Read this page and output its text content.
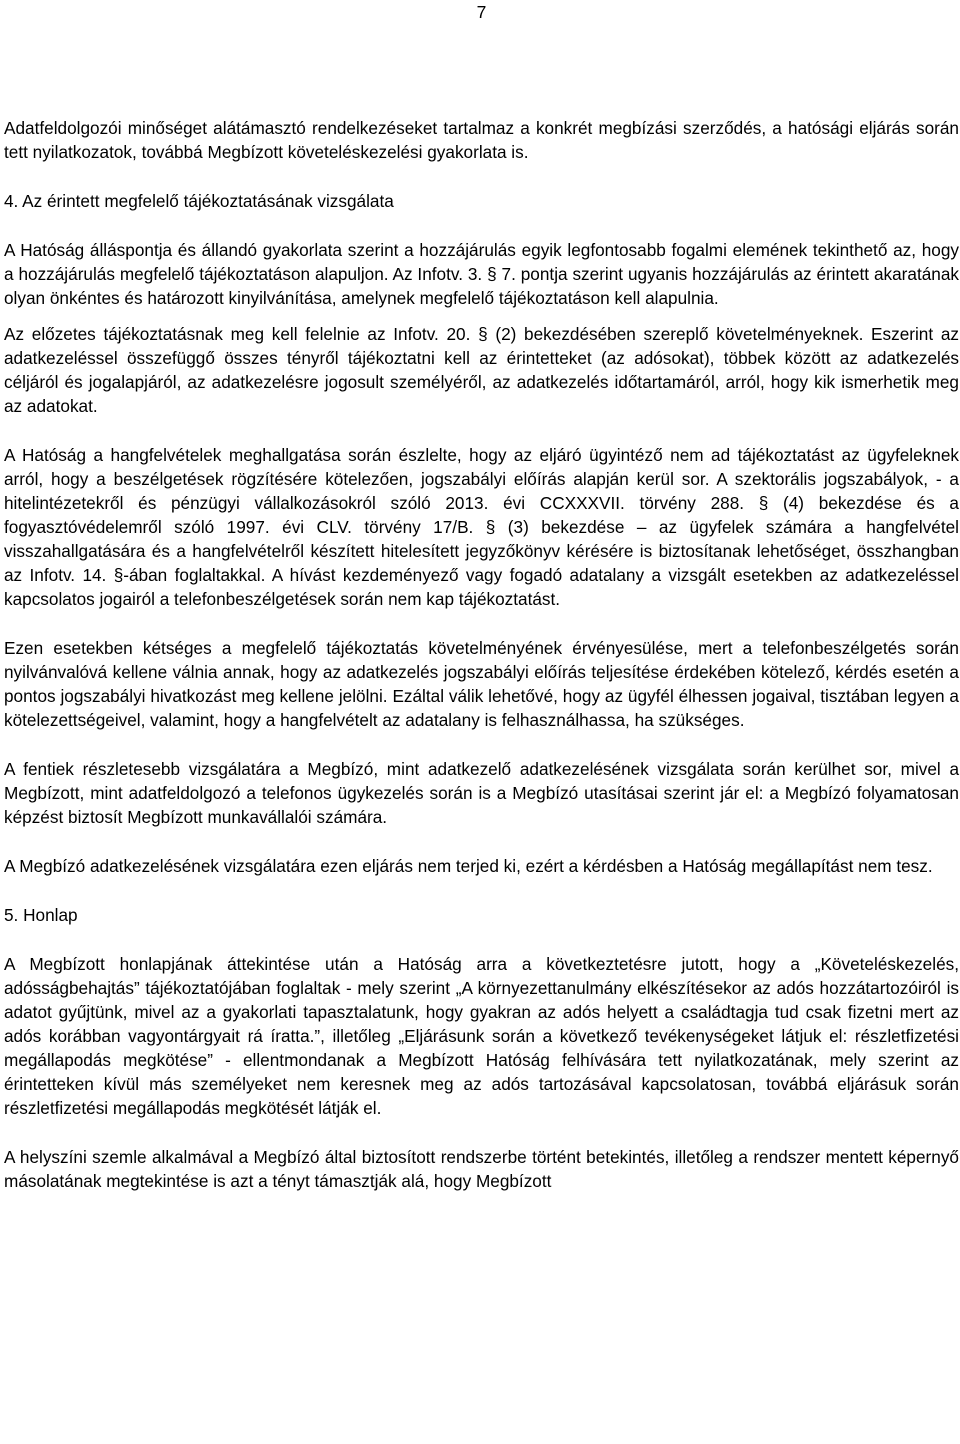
7

Adatfeldolgozói minőséget alátámasztó rendelkezéseket tartalmaz a konkrét megbízási szerződés, a hatósági eljárás során tett nyilatkozatok, továbbá Megbízott követeléskezelési gyakorlata is.

4. Az érintett megfelelő tájékoztatásának vizsgálata

A Hatóság álláspontja és állandó gyakorlata szerint a hozzájárulás egyik legfontosabb fogalmi elemének tekinthető az, hogy a hozzájárulás megfelelő tájékoztatáson alapuljon. Az Infotv. 3. § 7. pontja szerint ugyanis hozzájárulás az érintett akaratának olyan önkéntes és határozott kinyilvánítása, amelynek megfelelő tájékoztatáson kell alapulnia.

Az előzetes tájékoztatásnak meg kell felelnie az Infotv. 20. § (2) bekezdésében szereplő követelményeknek. Eszerint az adatkezeléssel összefüggő összes tényről tájékoztatni kell az érintetteket (az adósokat), többek között az adatkezelés céljáról és jogalapjáról, az adatkezelésre jogosult személyéről, az adatkezelés időtartamáról, arról, hogy kik ismerhetik meg az adatokat.

A Hatóság a hangfelvételek meghallgatása során észlelte, hogy az eljáró ügyintéző nem ad tájékoztatást az ügyfeleknek arról, hogy a beszélgetések rögzítésére kötelezően, jogszabályi előírás alapján kerül sor. A szektorális jogszabályok, - a hitelintézetekről és pénzügyi vállalkozásokról szóló 2013. évi CCXXXVII. törvény 288. § (4) bekezdése és a fogyasztóvédelemről szóló 1997. évi CLV. törvény 17/B. § (3) bekezdése – az ügyfelek számára a hangfelvétel visszahallgatására és a hangfelvételről készített hitelesített jegyzőkönyv kérésére is biztosítanak lehetőséget, összhangban az Infotv. 14. §-ában foglaltakkal. A hívást kezdeményező vagy fogadó adatalany a vizsgált esetekben az adatkezeléssel kapcsolatos jogairól a telefonbeszélgetések során nem kap tájékoztatást.

Ezen esetekben kétséges a megfelelő tájékoztatás követelményének érvényesülése, mert a telefonbeszélgetés során nyilvánvalóvá kellene válnia annak, hogy az adatkezelés jogszabályi előírás teljesítése érdekében kötelező, kérdés esetén a pontos jogszabályi hivatkozást meg kellene jelölni. Ezáltal válik lehetővé, hogy az ügyfél élhessen jogaival, tisztában legyen a kötelezettségeivel, valamint, hogy a hangfelvételt az adatalany is felhasználhassa, ha szükséges.

A fentiek részletesebb vizsgálatára a Megbízó, mint adatkezelő adatkezelésének vizsgálata során kerülhet sor, mivel a Megbízott, mint adatfeldolgozó a telefonos ügykezelés során is a Megbízó utasításai szerint jár el: a Megbízó folyamatosan képzést biztosít Megbízott munkavállalói számára.

A Megbízó adatkezelésének vizsgálatára ezen eljárás nem terjed ki, ezért a kérdésben a Hatóság megállapítást nem tesz.

5. Honlap

A Megbízott honlapjának áttekintése után a Hatóság arra a következtetésre jutott, hogy a „Követeléskezelés, adósságbehajtás” tájékoztatójában foglaltak - mely szerint „A környezettanulmány elkészítésekor az adós hozzátartozóiról is adatot gyűjtünk, mivel az a gyakorlati tapasztalatunk, hogy gyakran az adós helyett a családtagja tud csak fizetni mert az adós korábban vagyontárgyait rá íratta.”, illetőleg „Eljárásunk során a következő tevékenységeket látjuk el: részletfizetési megállapodás megkötése” - ellentmondanak a Megbízott Hatóság felhívására tett nyilatkozatának, mely szerint az érintetteken kívül más személyeket nem keresnek meg az adós tartozásával kapcsolatosan, továbbá eljárásuk során részletfizetési megállapodás megkötését látják el.

A helyszíni szemle alkalmával a Megbízó által biztosított rendszerbe történt betekintés, illetőleg a rendszer mentett képernyő másolatának megtekintése is azt a tényt támasztják alá, hogy Megbízott
